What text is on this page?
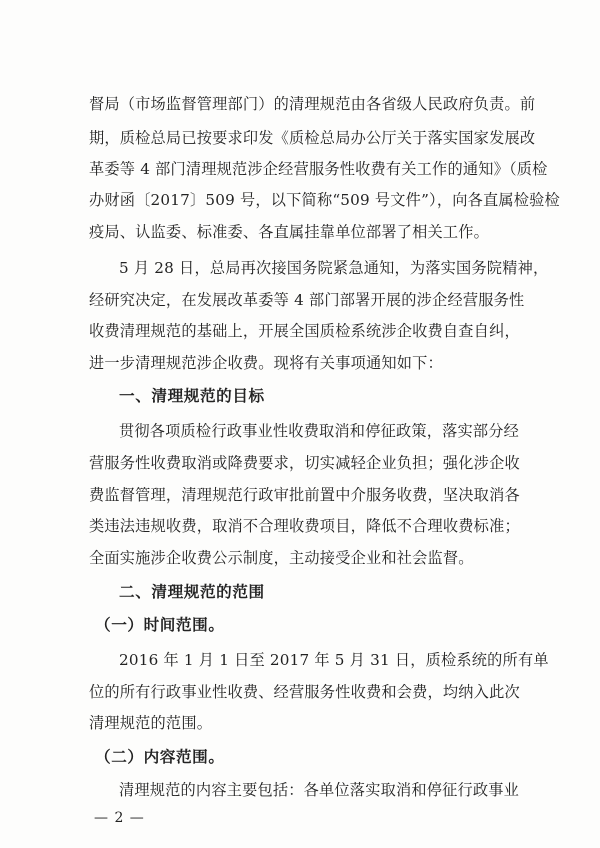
督局（市场监督管理部门）的清理规范由各省级人民政府负责。前
期，质检总局已按要求印发《质检总局办公厅关于落实国家发展改
革委等 4 部门清理规范涉企经营服务性收费有关工作的通知》（质检
办财函〔2017〕509 号，以下简称“509 号文件”），向各直属检验检
疫局、认监委、标准委、各直属挂靠单位部署了相关工作。
5 月 28 日，总局再次接国务院紧急通知，为落实国务院精神，
经研究决定，在发展改革委等 4 部门部署开展的涉企经营服务性
收费清理规范的基础上，开展全国质检系统涉企收费自查自纠，
进一步清理规范涉企收费。现将有关事项通知如下：
一、清理规范的目标
贯彻各项质检行政事业性收费取消和停征政策，落实部分经
营服务性收费取消或降费要求，切实减轻企业负担；强化涉企收
费监督管理，清理规范行政审批前置中介服务收费，坚决取消各
类违法违规收费，取消不合理收费项目，降低不合理收费标准；
全面实施涉企收费公示制度，主动接受企业和社会监督。
二、清理规范的范围
（一）时间范围。
2016 年 1 月 1 日至 2017 年 5 月 31 日，质检系统的所有单
位的所有行政事业性收费、经营服务性收费和会费，均纳入此次
清理规范的范围。
（二）内容范围。
清理规范的内容主要包括：各单位落实取消和停征行政事业
— 2 —
